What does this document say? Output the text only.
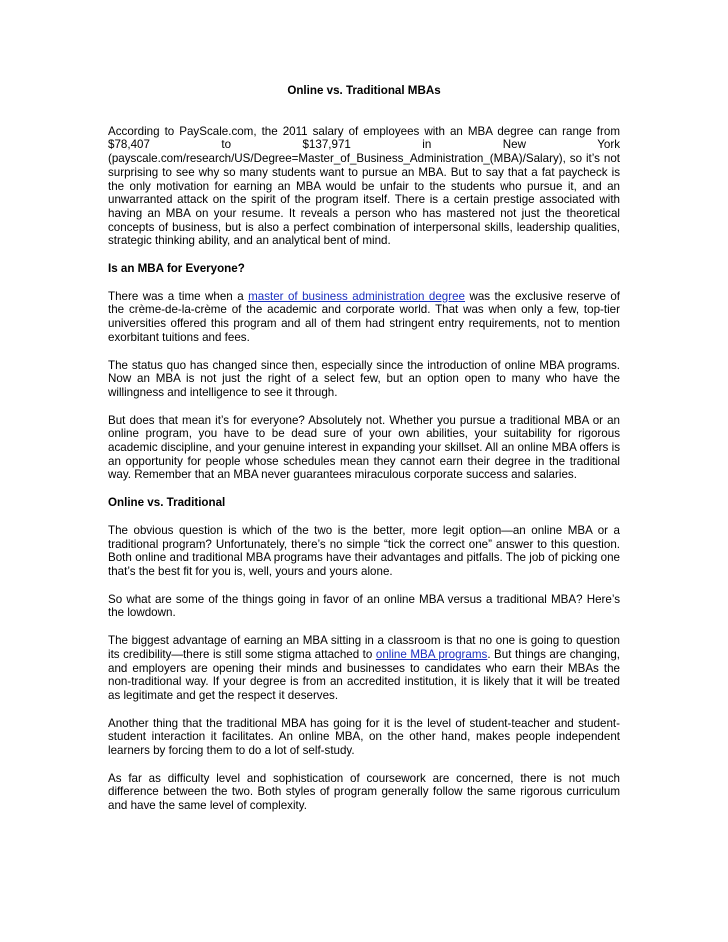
Online vs. Traditional MBAs

According to PayScale.com, the 2011 salary of employees with an MBA degree can range from $78,407 to $137,971 in New York (payscale.com/research/US/Degree=Master_of_Business_Administration_(MBA)/Salary), so it’s not surprising to see why so many students want to pursue an MBA. But to say that a fat paycheck is the only motivation for earning an MBA would be unfair to the students who pursue it, and an unwarranted attack on the spirit of the program itself. There is a certain prestige associated with having an MBA on your resume. It reveals a person who has mastered not just the theoretical concepts of business, but is also a perfect combination of interpersonal skills, leadership qualities, strategic thinking ability, and an analytical bent of mind.

Is an MBA for Everyone?

There was a time when a master of business administration degree was the exclusive reserve of the crème-de-la-crème of the academic and corporate world. That was when only a few, top-tier universities offered this program and all of them had stringent entry requirements, not to mention exorbitant tuitions and fees.

The status quo has changed since then, especially since the introduction of online MBA programs. Now an MBA is not just the right of a select few, but an option open to many who have the willingness and intelligence to see it through.

But does that mean it’s for everyone? Absolutely not. Whether you pursue a traditional MBA or an online program, you have to be dead sure of your own abilities, your suitability for rigorous academic discipline, and your genuine interest in expanding your skillset. All an online MBA offers is an opportunity for people whose schedules mean they cannot earn their degree in the traditional way. Remember that an MBA never guarantees miraculous corporate success and salaries.

Online vs. Traditional

The obvious question is which of the two is the better, more legit option—an online MBA or a traditional program? Unfortunately, there’s no simple “tick the correct one” answer to this question. Both online and traditional MBA programs have their advantages and pitfalls. The job of picking one that’s the best fit for you is, well, yours and yours alone.

So what are some of the things going in favor of an online MBA versus a traditional MBA? Here’s the lowdown.

The biggest advantage of earning an MBA sitting in a classroom is that no one is going to question its credibility—there is still some stigma attached to online MBA programs. But things are changing, and employers are opening their minds and businesses to candidates who earn their MBAs the non-traditional way. If your degree is from an accredited institution, it is likely that it will be treated as legitimate and get the respect it deserves.

Another thing that the traditional MBA has going for it is the level of student-teacher and student-student interaction it facilitates. An online MBA, on the other hand, makes people independent learners by forcing them to do a lot of self-study.

As far as difficulty level and sophistication of coursework are concerned, there is not much difference between the two. Both styles of program generally follow the same rigorous curriculum and have the same level of complexity.
